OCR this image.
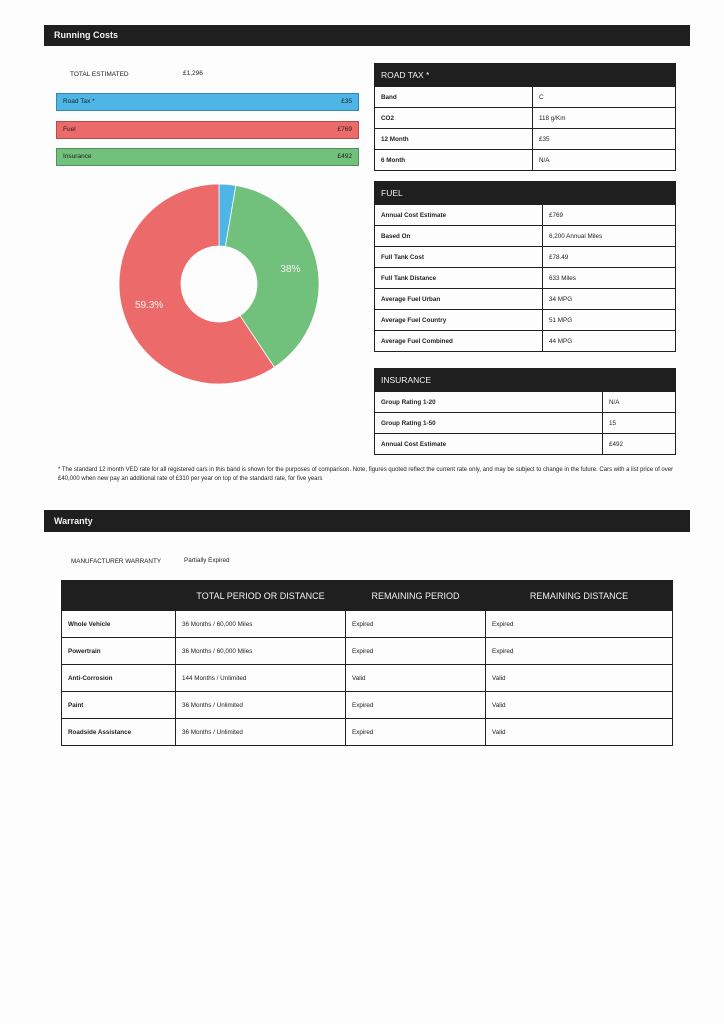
Running Costs
TOTAL ESTIMATED	£1,296
Road Tax *	£35
Fuel	£769
Insurance	£492
38%
59.3%
ROAD TAX *	
Band	C
CO2	118 g/Km
12 Month	£35
6 Month	N/A
FUEL	
Annual Cost Estimate	£769
Based On	6,200 Annual Miles
Full Tank Cost	£78.49
Full Tank Distance	633 Miles
Average Fuel Urban	34 MPG
Average Fuel Country	51 MPG
Average Fuel Combined	44 MPG
INSURANCE	
Group Rating 1-20	N/A
Group Rating 1-50	15
Annual Cost Estimate	£492
* The standard 12 month VED rate for all registered cars in this band is shown for the purposes of comparison. Note, figures quoted reflect the current rate only, and may be subject to change in the future. Cars with a list price of over £40,000 when new pay an additional rate of £310 per year on top of the standard rate, for five years
Warranty
MANUFACTURER WARRANTY	Partially Expired
	TOTAL PERIOD OR DISTANCE	REMAINING PERIOD	REMAINING DISTANCE
Whole Vehicle	36 Months / 60,000 Miles	Expired	Expired
Powertrain	36 Months / 60,000 Miles	Expired	Expired
Anti-Corrosion	144 Months / Unlimited	Valid	Valid
Paint	36 Months / Unlimited	Expired	Valid
Roadside Assistance	36 Months / Unlimited	Expired	Valid
